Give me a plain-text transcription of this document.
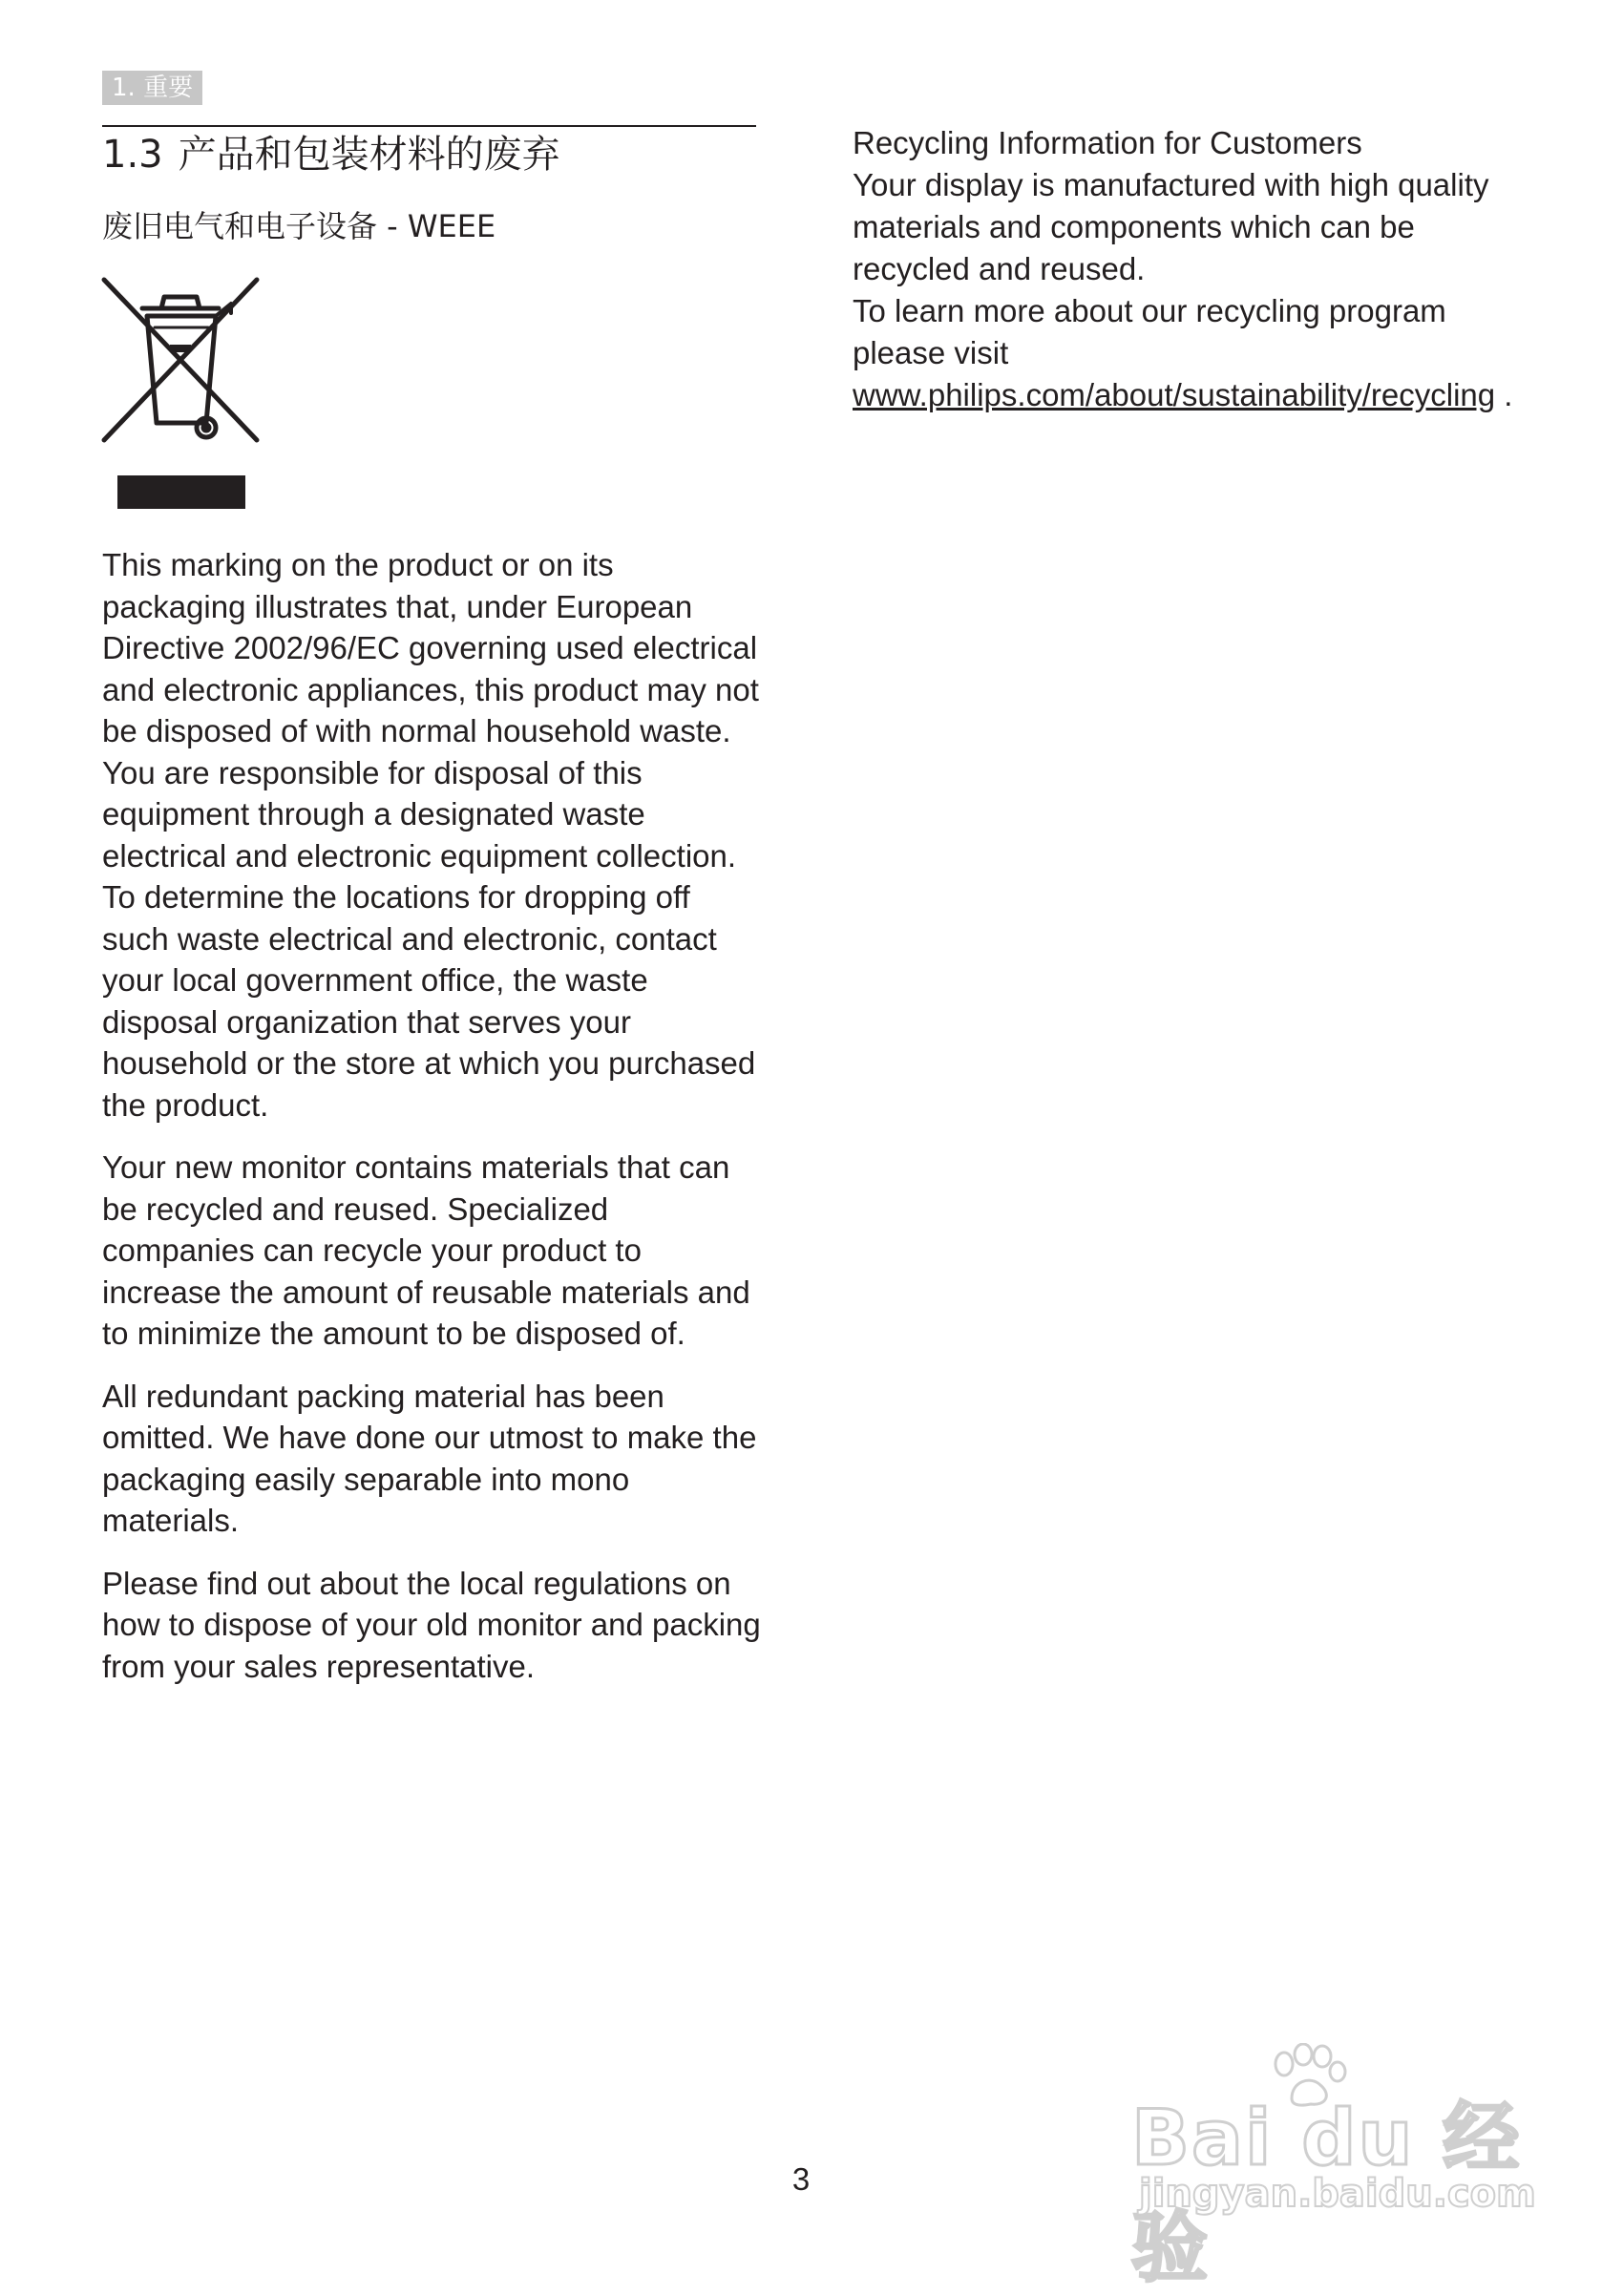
1. 重要
1.3 产品和包装材料的废弃
废旧电气和电子设备 - WEEE

This marking on the product or on its packaging illustrates that, under European Directive 2002/96/EC governing used electrical and electronic appliances, this product may not be disposed of with normal household waste. You are responsible for disposal of this equipment through a designated waste electrical and electronic equipment collection. To determine the locations for dropping off such waste electrical and electronic, contact your local government office, the waste disposal organization that serves your household or the store at which you purchased the product.

Your new monitor contains materials that can be recycled and reused. Specialized companies can recycle your product to increase the amount of reusable materials and to minimize the amount to be disposed of.

All redundant packing material has been omitted. We have done our utmost to make the packaging easily separable into mono materials.

Please find out about the local regulations on how to dispose of your old monitor and packing from your sales representative.

Recycling Information for Customers

Your display is manufactured with high quality materials and components which can be recycled and reused.

To learn more about our recycling program please visit www.philips.com/about/sustainability/recycling .

3	Bai du 经验
jingyan.baidu.com
